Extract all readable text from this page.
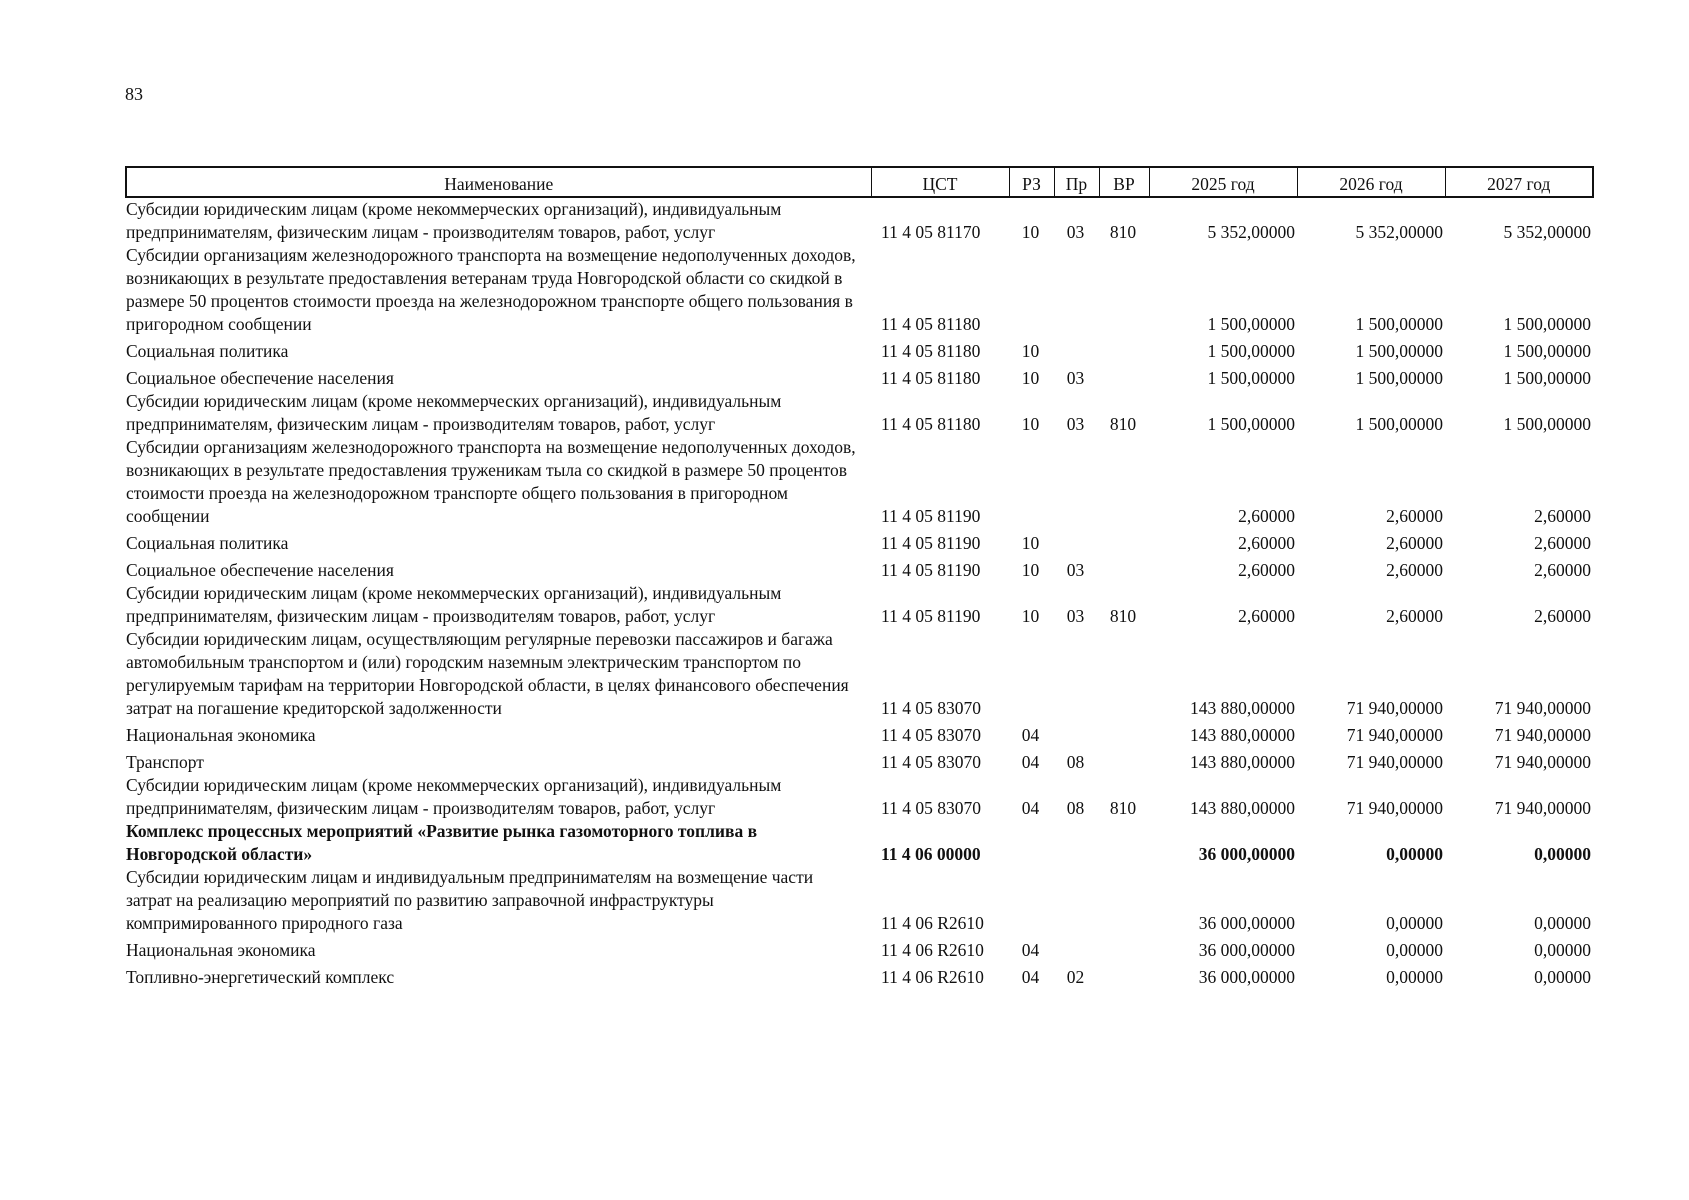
83
Наименование	ЦСТ	РЗ	Пр	ВР	2025 год	2026 год	2027 год
Субсидии юридическим лицам (кроме некоммерческих организаций), индивидуальным предпринимателям, физическим лицам - производителям товаров, работ, услуг	11 4 05 81170	10	03	810	5 352,00000	5 352,00000	5 352,00000
Субсидии организациям железнодорожного транспорта на возмещение недополученных доходов, возникающих в результате предоставления ветеранам труда Новгородской области со скидкой в размере 50 процентов стоимости проезда на железнодорожном транспорте общего пользования в пригородном сообщении	11 4 05 81180				1 500,00000	1 500,00000	1 500,00000
Социальная политика	11 4 05 81180	10			1 500,00000	1 500,00000	1 500,00000
Социальное обеспечение населения	11 4 05 81180	10	03		1 500,00000	1 500,00000	1 500,00000
Субсидии юридическим лицам (кроме некоммерческих организаций), индивидуальным предпринимателям, физическим лицам - производителям товаров, работ, услуг	11 4 05 81180	10	03	810	1 500,00000	1 500,00000	1 500,00000
Субсидии организациям железнодорожного транспорта на возмещение недополученных доходов, возникающих в результате предоставления труженикам тыла со скидкой в размере 50 процентов стоимости проезда на железнодорожном транспорте общего пользования в пригородном сообщении	11 4 05 81190				2,60000	2,60000	2,60000
Социальная политика	11 4 05 81190	10			2,60000	2,60000	2,60000
Социальное обеспечение населения	11 4 05 81190	10	03		2,60000	2,60000	2,60000
Субсидии юридическим лицам (кроме некоммерческих организаций), индивидуальным предпринимателям, физическим лицам - производителям товаров, работ, услуг	11 4 05 81190	10	03	810	2,60000	2,60000	2,60000
Субсидии юридическим лицам, осуществляющим регулярные перевозки пассажиров и багажа автомобильным транспортом и (или) городским наземным электрическим транспортом по регулируемым тарифам на территории Новгородской области, в целях финансового обеспечения затрат на погашение кредиторской задолженности	11 4 05 83070				143 880,00000	71 940,00000	71 940,00000
Национальная экономика	11 4 05 83070	04			143 880,00000	71 940,00000	71 940,00000
Транспорт	11 4 05 83070	04	08		143 880,00000	71 940,00000	71 940,00000
Субсидии юридическим лицам (кроме некоммерческих организаций), индивидуальным предпринимателям, физическим лицам - производителям товаров, работ, услуг	11 4 05 83070	04	08	810	143 880,00000	71 940,00000	71 940,00000
Комплекс процессных мероприятий «Развитие рынка газомоторного топлива в Новгородской области»	11 4 06 00000				36 000,00000	0,00000	0,00000
Субсидии юридическим лицам и индивидуальным предпринимателям на возмещение части затрат на реализацию мероприятий по развитию заправочной инфраструктуры компримированного природного газа	11 4 06 R2610				36 000,00000	0,00000	0,00000
Национальная экономика	11 4 06 R2610	04			36 000,00000	0,00000	0,00000
Топливно-энергетический комплекс	11 4 06 R2610	04	02		36 000,00000	0,00000	0,00000
